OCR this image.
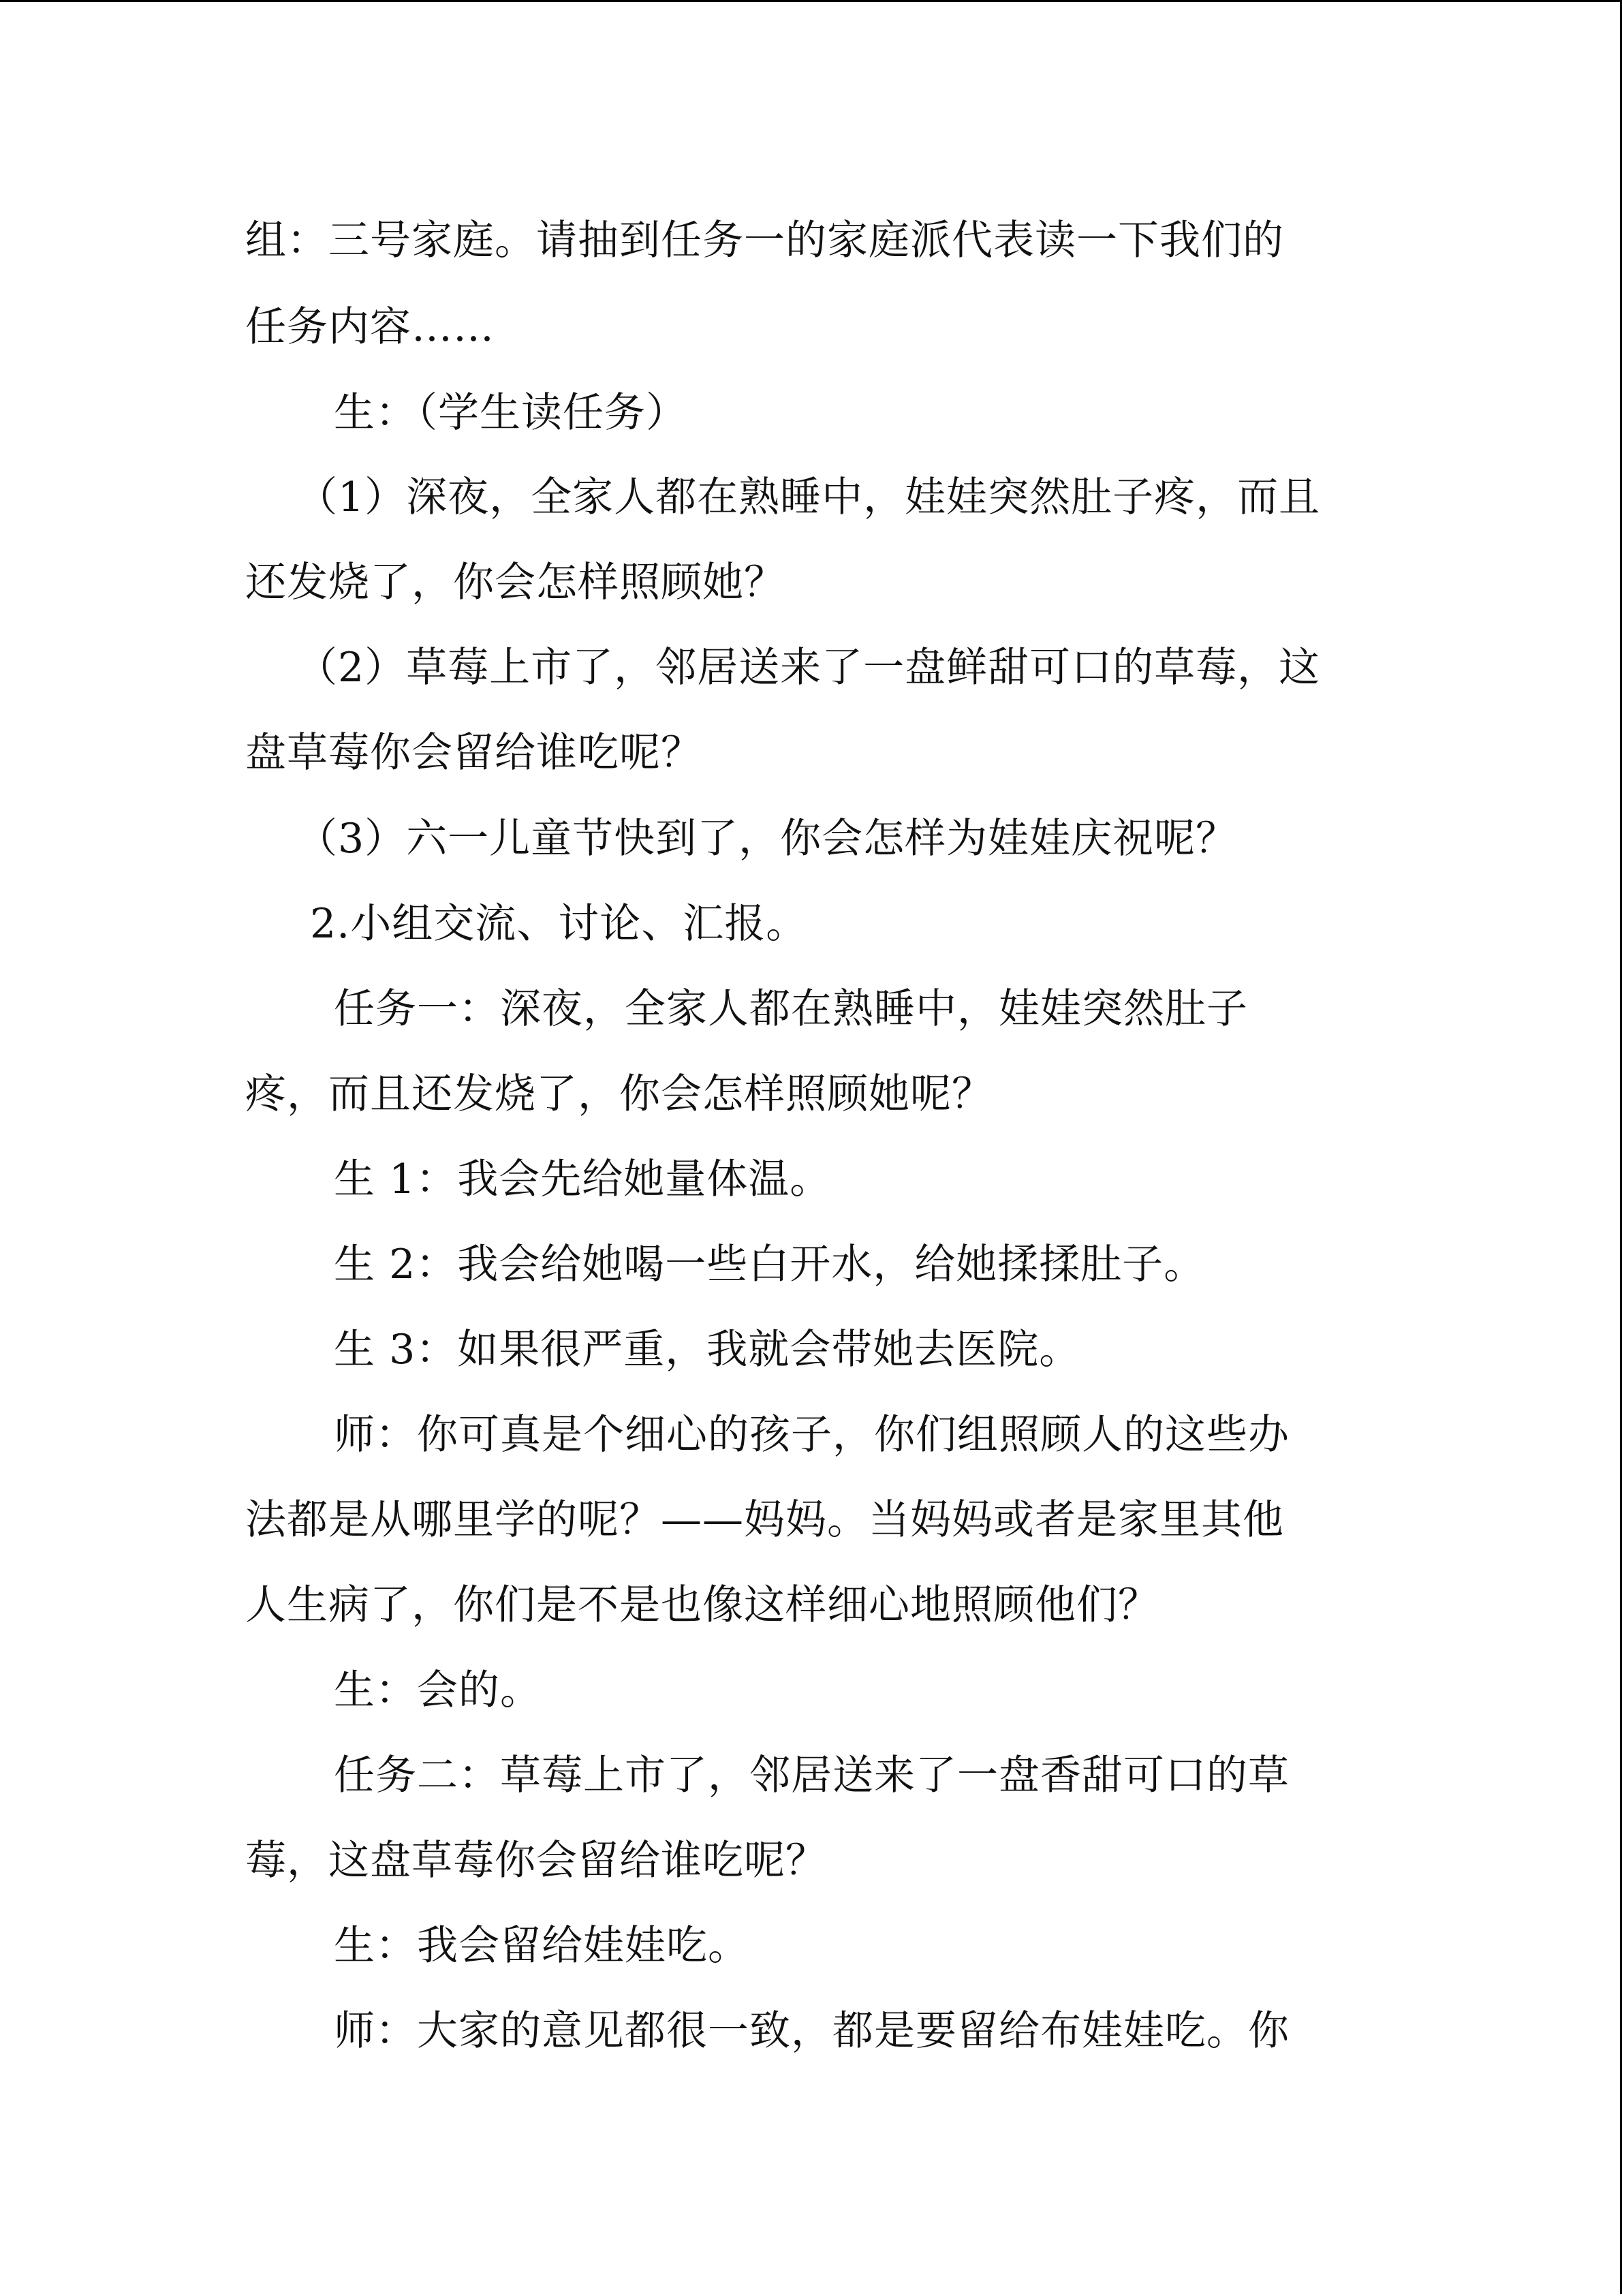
组：三号家庭。请抽到任务一的家庭派代表读一下我们的
任务内容……
生：（学生读任务）
（1）深夜，全家人都在熟睡中，娃娃突然肚子疼，而且
还发烧了，你会怎样照顾她？
（2）草莓上市了，邻居送来了一盘鲜甜可口的草莓，这
盘草莓你会留给谁吃呢？
（3）六一儿童节快到了，你会怎样为娃娃庆祝呢？
2.小组交流、讨论、汇报。
任务一：深夜，全家人都在熟睡中，娃娃突然肚子
疼，而且还发烧了，你会怎样照顾她呢？
生 1：我会先给她量体温。
生 2：我会给她喝一些白开水，给她揉揉肚子。
生 3：如果很严重，我就会带她去医院。
师：你可真是个细心的孩子，你们组照顾人的这些办
法都是从哪里学的呢？——妈妈。当妈妈或者是家里其他
人生病了，你们是不是也像这样细心地照顾他们？
生：会的。
任务二：草莓上市了，邻居送来了一盘香甜可口的草
莓，这盘草莓你会留给谁吃呢？
生：我会留给娃娃吃。
师：大家的意见都很一致，都是要留给布娃娃吃。你
